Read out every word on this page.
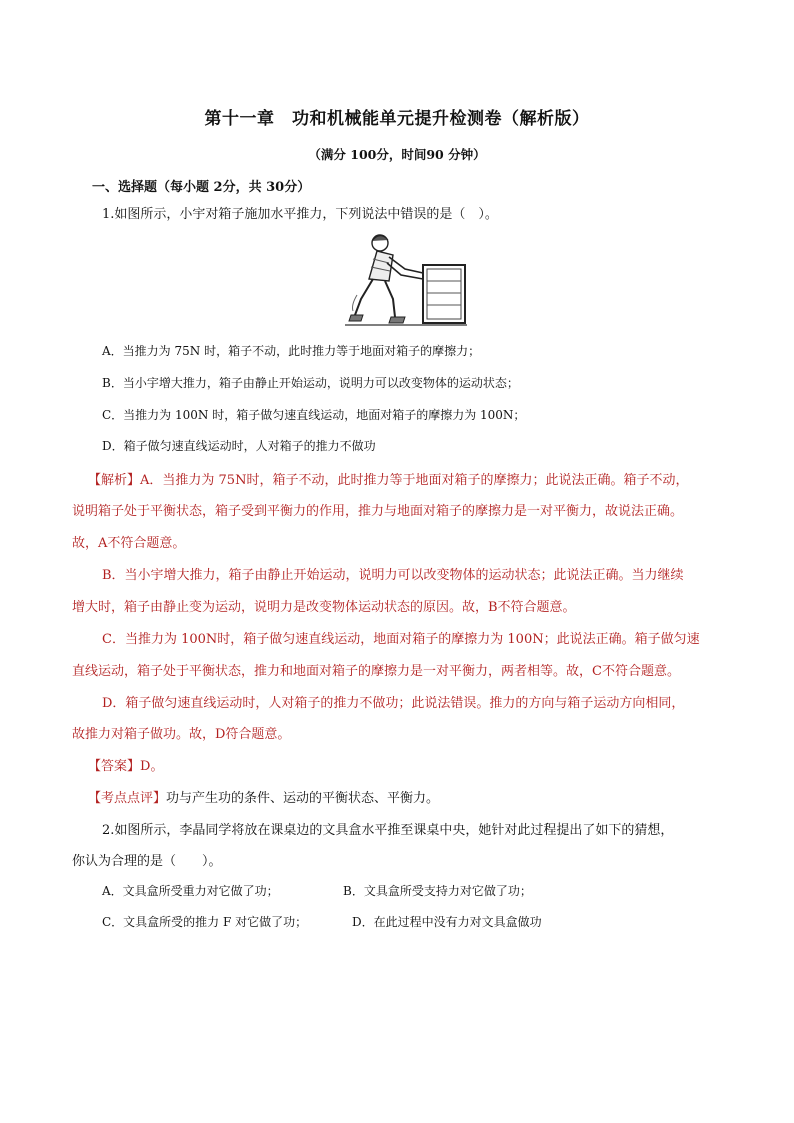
第十一章　功和机械能单元提升检测卷（解析版）
（满分 100分，时间90 分钟）
一、选择题（每小题 2分，共 30分）
1.如图所示，小宇对箱子施加水平推力，下列说法中错误的是（　）。
A．当推力为 75N 时，箱子不动，此时推力等于地面对箱子的摩擦力；
B．当小宇增大推力，箱子由静止开始运动，说明力可以改变物体的运动状态；
C．当推力为 100N 时，箱子做匀速直线运动，地面对箱子的摩擦力为 100N；
D．箱子做匀速直线运动时，人对箱子的推力不做功
【解析】A．当推力为 75N时，箱子不动，此时推力等于地面对箱子的摩擦力；此说法正确。箱子不动，
说明箱子处于平衡状态，箱子受到平衡力的作用，推力与地面对箱子的摩擦力是一对平衡力，故说法正确。
故，A不符合题意。
B．当小宇增大推力，箱子由静止开始运动，说明力可以改变物体的运动状态；此说法正确。当力继续
增大时，箱子由静止变为运动，说明力是改变物体运动状态的原因。故，B不符合题意。
C．当推力为 100N时，箱子做匀速直线运动，地面对箱子的摩擦力为 100N；此说法正确。箱子做匀速
直线运动，箱子处于平衡状态，推力和地面对箱子的摩擦力是一对平衡力，两者相等。故，C不符合题意。
D．箱子做匀速直线运动时，人对箱子的推力不做功；此说法错误。推力的方向与箱子运动方向相同，
故推力对箱子做功。故，D符合题意。
【答案】D。
【考点点评】功与产生功的条件、运动的平衡状态、平衡力。
2.如图所示，李晶同学将放在课桌边的文具盒水平推至课桌中央，她针对此过程提出了如下的猜想，
你认为合理的是（　　）。
A．文具盒所受重力对它做了功；	B．文具盒所受支持力对它做了功；
C．文具盒所受的推力 F 对它做了功；	D．在此过程中没有力对文具盒做功
